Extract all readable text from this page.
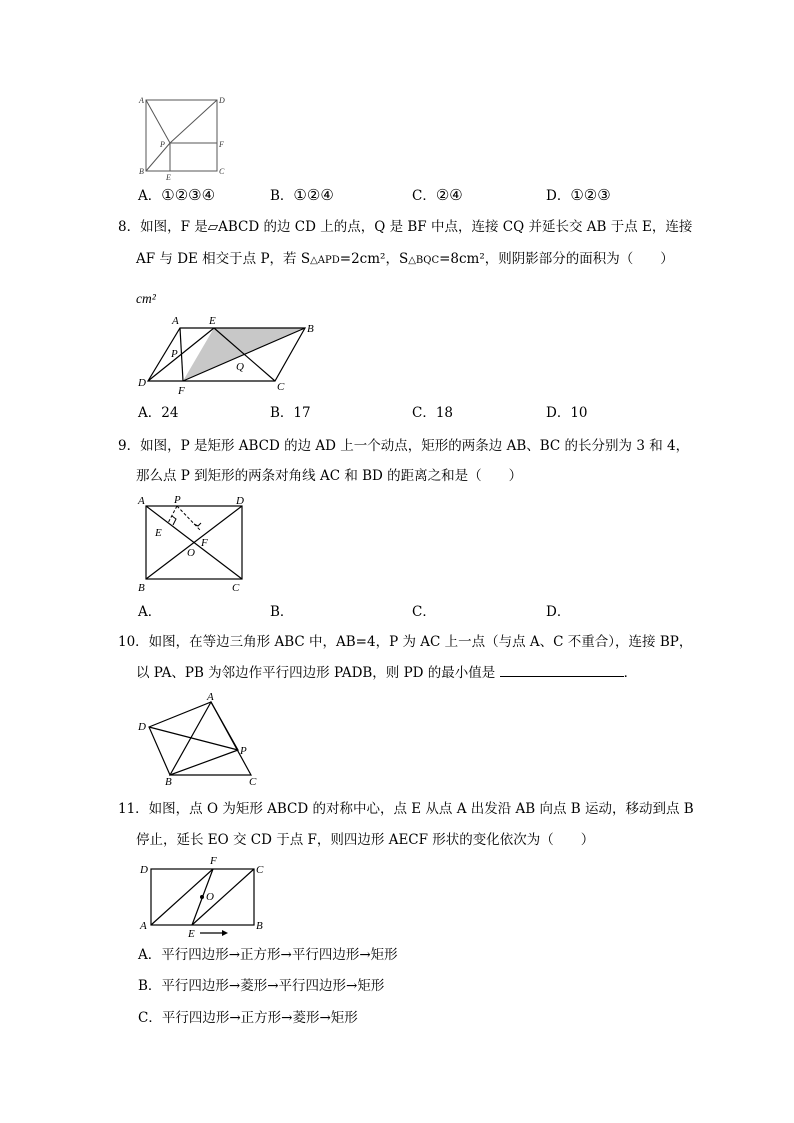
A	D
P	F
B
E
C
A．①②③④	B．①②④	C．②④	D．①②③
8．如图，F 是▱ABCD 的边 CD 上的点，Q 是 BF 中点，连接 CQ 并延长交 AB 于点 E，连接
AF 与 DE 相交于点 P，若 S△APD=2cm²，S△BQC=8cm²，则阴影部分的面积为（　　）
cm²
A	E
B
P
Q
D
F	C
A．24	B．17	C．18	D．10
9．如图，P 是矩形 ABCD 的边 AD 上一个动点，矩形的两条边 AB、BC 的长分别为 3 和 4，
那么点 P 到矩形的两条对角线 AC 和 BD 的距离之和是（　　）
A	P	D
E
F
O
B	C
A．	B．	C．	D．
10．如图，在等边三角形 ABC 中，AB=4，P 为 AC 上一点（与点 A、C 不重合），连接 BP，
以 PA、PB 为邻边作平行四边形 PADB，则 PD 的最小值是	．
A
D
P
B	C
11．如图，点 O 为矩形 ABCD 的对称中心，点 E 从点 A 出发沿 AB 向点 B 运动，移动到点 B
停止，延长 EO 交 CD 于点 F，则四边形 AECF 形状的变化依次为（　　）
D
F
C
O
A	B
E
A．平行四边形→正方形→平行四边形→矩形
B．平行四边形→菱形→平行四边形→矩形
C．平行四边形→正方形→菱形→矩形
